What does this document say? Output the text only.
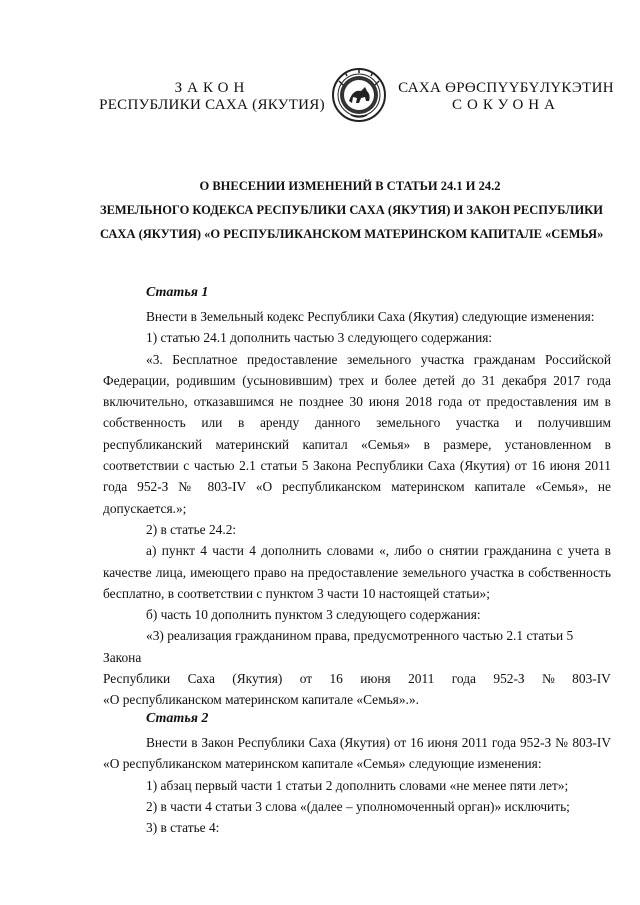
ЗАКОН
РЕСПУБЛИКИ САХА (ЯКУТИЯ)
САХА ӨРӨСПҮҮБҮЛҮКЭТИН
СОКУОНА
О ВНЕСЕНИИ ИЗМЕНЕНИЙ В СТАТЬИ 24.1 И 24.2
ЗЕМЕЛЬНОГО КОДЕКСА РЕСПУБЛИКИ САХА (ЯКУТИЯ) И ЗАКОН РЕСПУБЛИКИ
САХА (ЯКУТИЯ) «О РЕСПУБЛИКАНСКОМ МАТЕРИНСКОМ КАПИТАЛЕ «СЕМЬЯ»
Статья 1

Внести в Земельный кодекс Республики Саха (Якутия) следующие изменения:

1) статью 24.1 дополнить частью 3 следующего содержания:

«3. Бесплатное предоставление земельного участка гражданам Российской Федерации, родившим (усыновившим) трех и более детей до 31 декабря 2017 года включительно, отказавшимся не позднее 30 июня 2018 года от предоставления им в собственность или в аренду данного земельного участка и получившим республиканский материнский капитал «Семья» в размере, установленном в соответствии с частью 2.1 статьи 5 Закона Республики Саха (Якутия) от 16 июня 2011 года 952-З № 803-IV «О республиканском материнском капитале «Семья», не допускается.»;

2) в статье 24.2:

а) пункт 4 части 4 дополнить словами «, либо о снятии гражданина с учета в качестве лица, имеющего право на предоставление земельного участка в собственность бесплатно, в соответствии с пунктом 3 части 10 настоящей статьи»;

б) часть 10 дополнить пунктом 3 следующего содержания:

«3) реализация гражданином права, предусмотренного частью 2.1 статьи 5 Закона

Республики Саха (Якутия) от 16 июня 2011 года 952-З № 803-IV

«О республиканском материнском капитале «Семья».».

Статья 2

Внести в Закон Республики Саха (Якутия) от 16 июня 2011 года 952-З № 803-IV «О республиканском материнском капитале «Семья» следующие изменения:

1) абзац первый части 1 статьи 2 дополнить словами «не менее пяти лет»;

2) в части 4 статьи 3 слова «(далее – уполномоченный орган)» исключить;

3) в статье 4:
